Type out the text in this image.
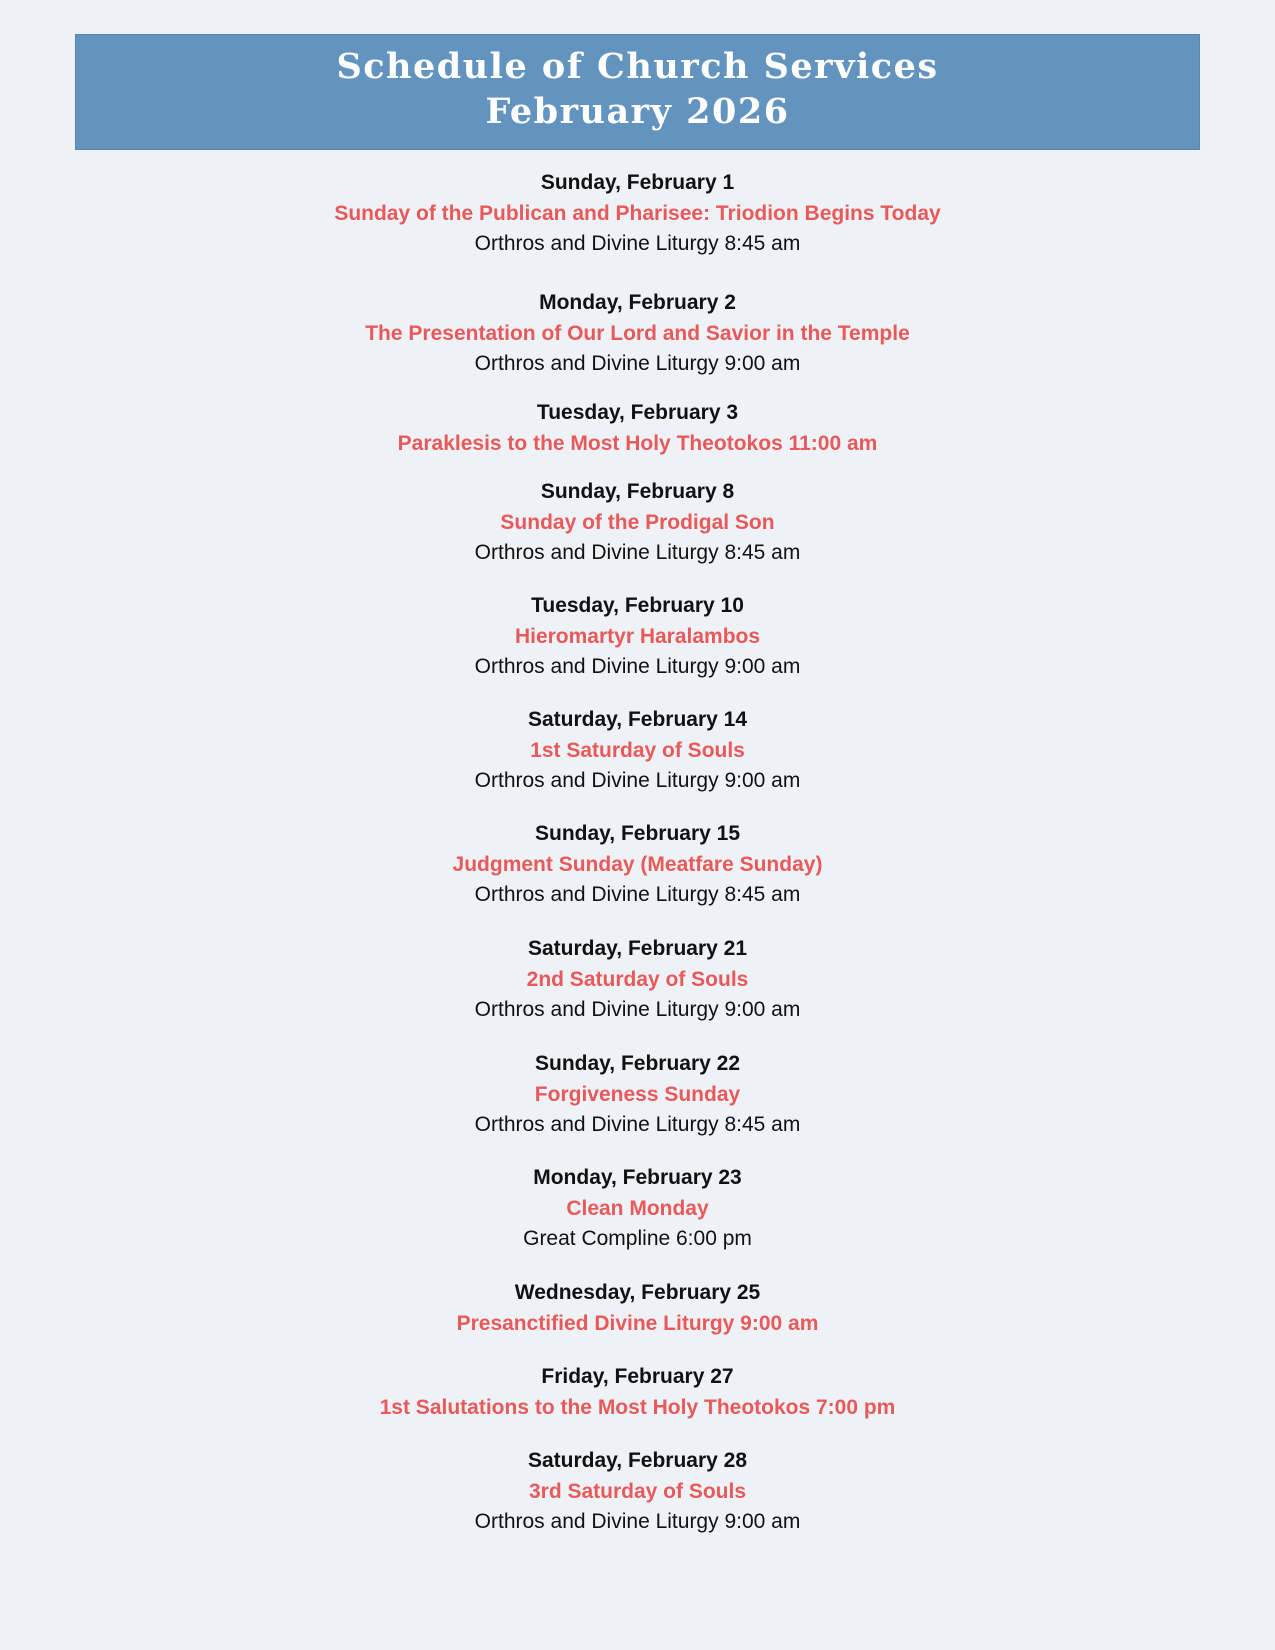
Schedule of Church Services
February 2026
Sunday, February 1
Sunday of the Publican and Pharisee: Triodion Begins Today
Orthros and Divine Liturgy 8:45 am
Monday, February 2
The Presentation of Our Lord and Savior in the Temple
Orthros and Divine Liturgy 9:00 am
Tuesday, February 3
Paraklesis to the Most Holy Theotokos 11:00 am
Sunday, February 8
Sunday of the Prodigal Son
Orthros and Divine Liturgy 8:45 am
Tuesday, February 10
Hieromartyr Haralambos
Orthros and Divine Liturgy 9:00 am
Saturday, February 14
1st Saturday of Souls
Orthros and Divine Liturgy 9:00 am
Sunday, February 15
Judgment Sunday (Meatfare Sunday)
Orthros and Divine Liturgy 8:45 am
Saturday, February 21
2nd Saturday of Souls
Orthros and Divine Liturgy 9:00 am
Sunday, February 22
Forgiveness Sunday
Orthros and Divine Liturgy 8:45 am
Monday, February 23
Clean Monday
Great Compline 6:00 pm
Wednesday, February 25
Presanctified Divine Liturgy 9:00 am
Friday, February 27
1st Salutations to the Most Holy Theotokos 7:00 pm
Saturday, February 28
3rd Saturday of Souls
Orthros and Divine Liturgy 9:00 am
